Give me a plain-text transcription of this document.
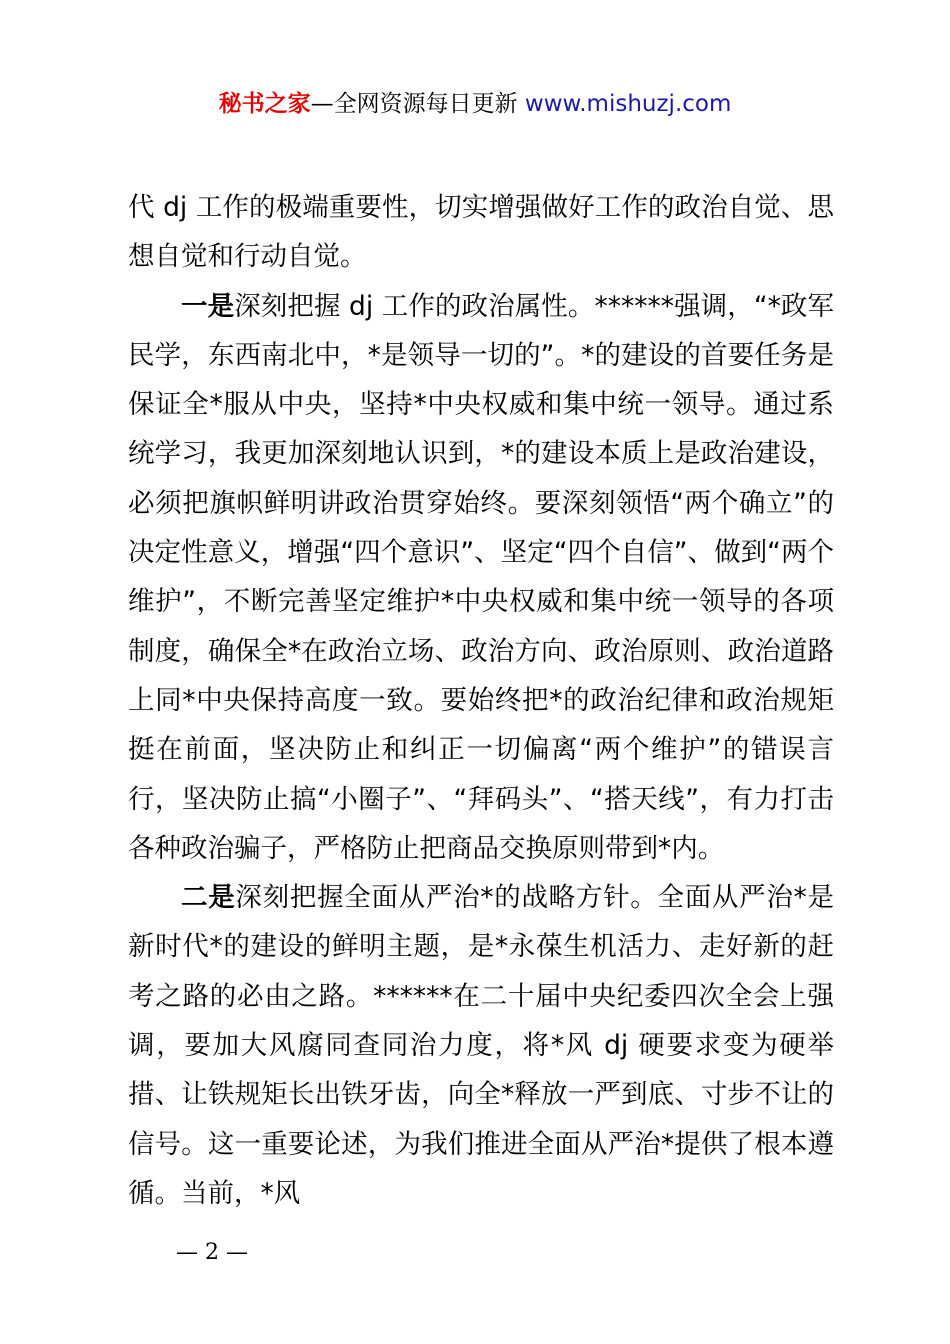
秘书之家—全网资源每日更新 www.mishuzj.com

代 dj 工作的极端重要性，切实增强做好工作的政治自觉、思想自觉和行动自觉。

一是深刻把握 dj 工作的政治属性。******强调，“*政军民学，东西南北中，*是领导一切的”。*的建设的首要任务是保证全*服从中央，坚持*中央权威和集中统一领导。通过系统学习，我更加深刻地认识到，*的建设本质上是政治建设，必须把旗帜鲜明讲政治贯穿始终。要深刻领悟“两个确立”的决定性意义，增强“四个意识”、坚定“四个自信”、做到“两个维护”，不断完善坚定维护*中央权威和集中统一领导的各项制度，确保全*在政治立场、政治方向、政治原则、政治道路上同*中央保持高度一致。要始终把*的政治纪律和政治规矩挺在前面，坚决防止和纠正一切偏离“两个维护”的错误言行，坚决防止搞“小圈子”、“拜码头”、“搭天线”，有力打击各种政治骗子，严格防止把商品交换原则带到*内。

二是深刻把握全面从严治*的战略方针。全面从严治*是新时代*的建设的鲜明主题，是*永葆生机活力、走好新的赶考之路的必由之路。******在二十届中央纪委四次全会上强调，要加大风腐同查同治力度，将*风 dj 硬要求变为硬举措、让铁规矩长出铁牙齿，向全*释放一严到底、寸步不让的信号。这一重要论述，为我们推进全面从严治*提供了根本遵循。当前，*风

— 2 —
